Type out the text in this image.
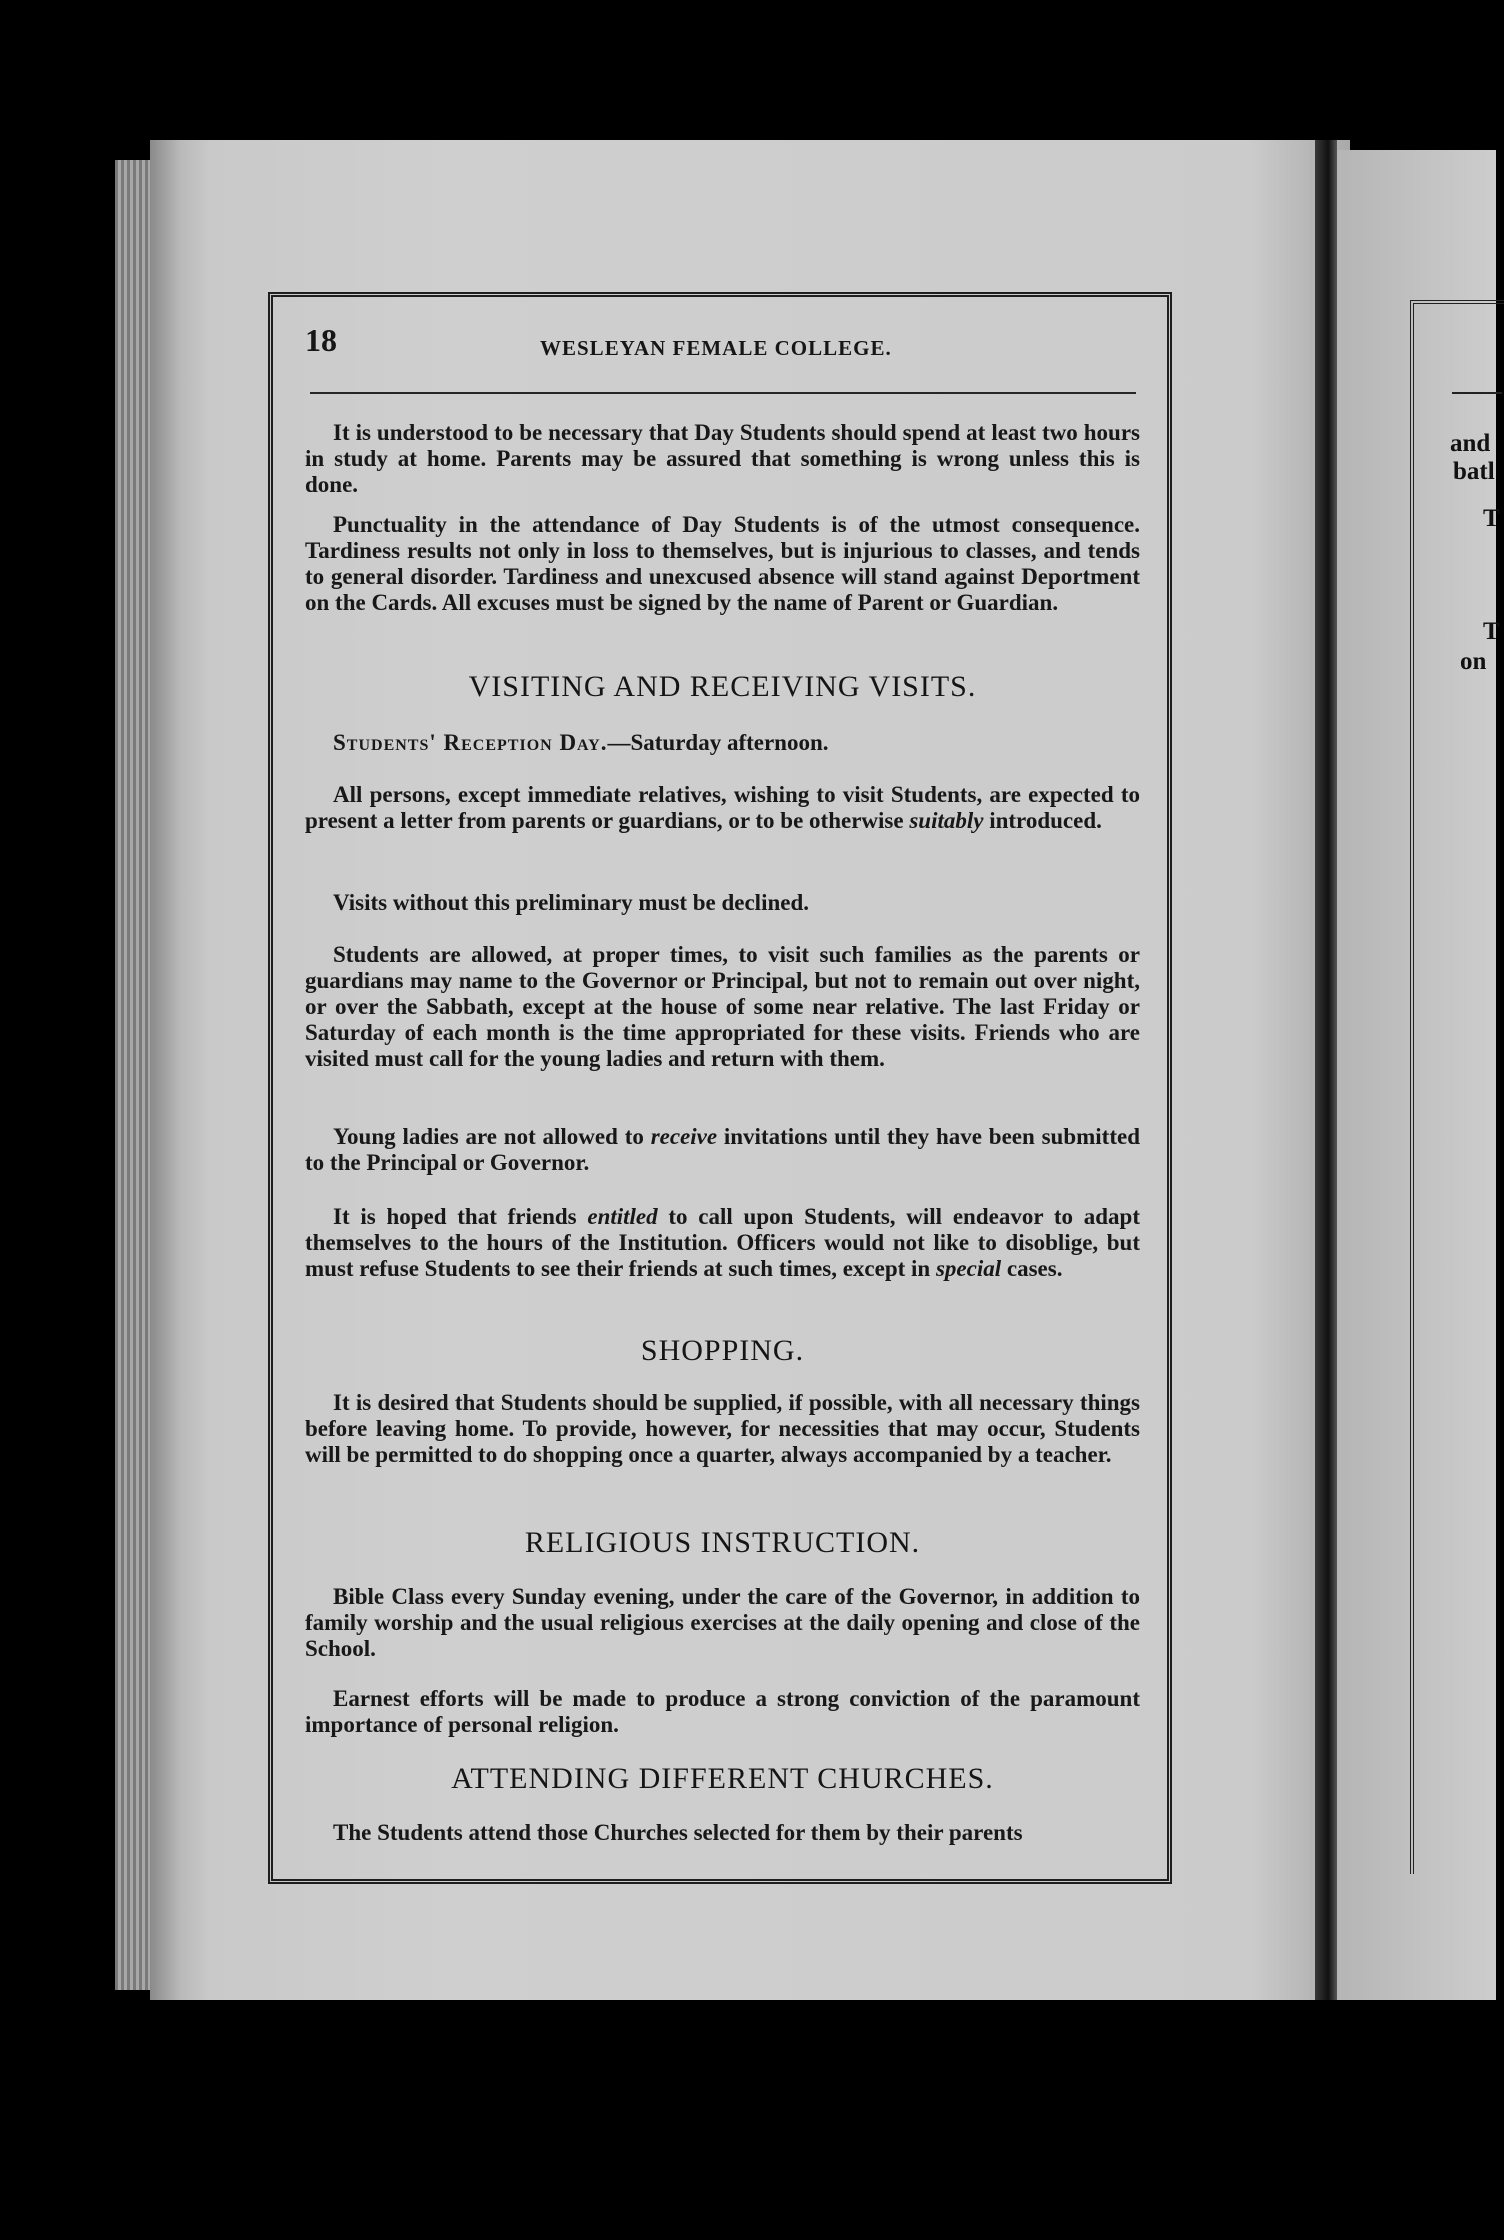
and
batl
T
T
on
18	WESLEYAN FEMALE COLLEGE.

It is understood to be necessary that Day Students should spend at least two hours in study at home. Parents may be assured that something is wrong unless this is done.

Punctuality in the attendance of Day Students is of the utmost consequence. Tardiness results not only in loss to themselves, but is injurious to classes, and tends to general disorder. Tardiness and unexcused absence will stand against Deportment on the Cards. All excuses must be signed by the name of Parent or Guardian.

VISITING AND RECEIVING VISITS.

Students' Reception Day.—Saturday afternoon.

All persons, except immediate relatives, wishing to visit Students, are expected to present a letter from parents or guardians, or to be otherwise suitably introduced.

Visits without this preliminary must be declined.

Students are allowed, at proper times, to visit such families as the parents or guardians may name to the Governor or Principal, but not to remain out over night, or over the Sabbath, except at the house of some near relative. The last Friday or Saturday of each month is the time appropriated for these visits. Friends who are visited must call for the young ladies and return with them.

Young ladies are not allowed to receive invitations until they have been submitted to the Principal or Governor.

It is hoped that friends entitled to call upon Students, will endeavor to adapt themselves to the hours of the Institution. Officers would not like to disoblige, but must refuse Students to see their friends at such times, except in special cases.

SHOPPING.

It is desired that Students should be supplied, if possible, with all necessary things before leaving home. To provide, however, for necessities that may occur, Students will be permitted to do shopping once a quarter, always accompanied by a teacher.

RELIGIOUS INSTRUCTION.

Bible Class every Sunday evening, under the care of the Governor, in addition to family worship and the usual religious exercises at the daily opening and close of the School.

Earnest efforts will be made to produce a strong conviction of the paramount importance of personal religion.

ATTENDING DIFFERENT CHURCHES.

The Students attend those Churches selected for them by their parents
